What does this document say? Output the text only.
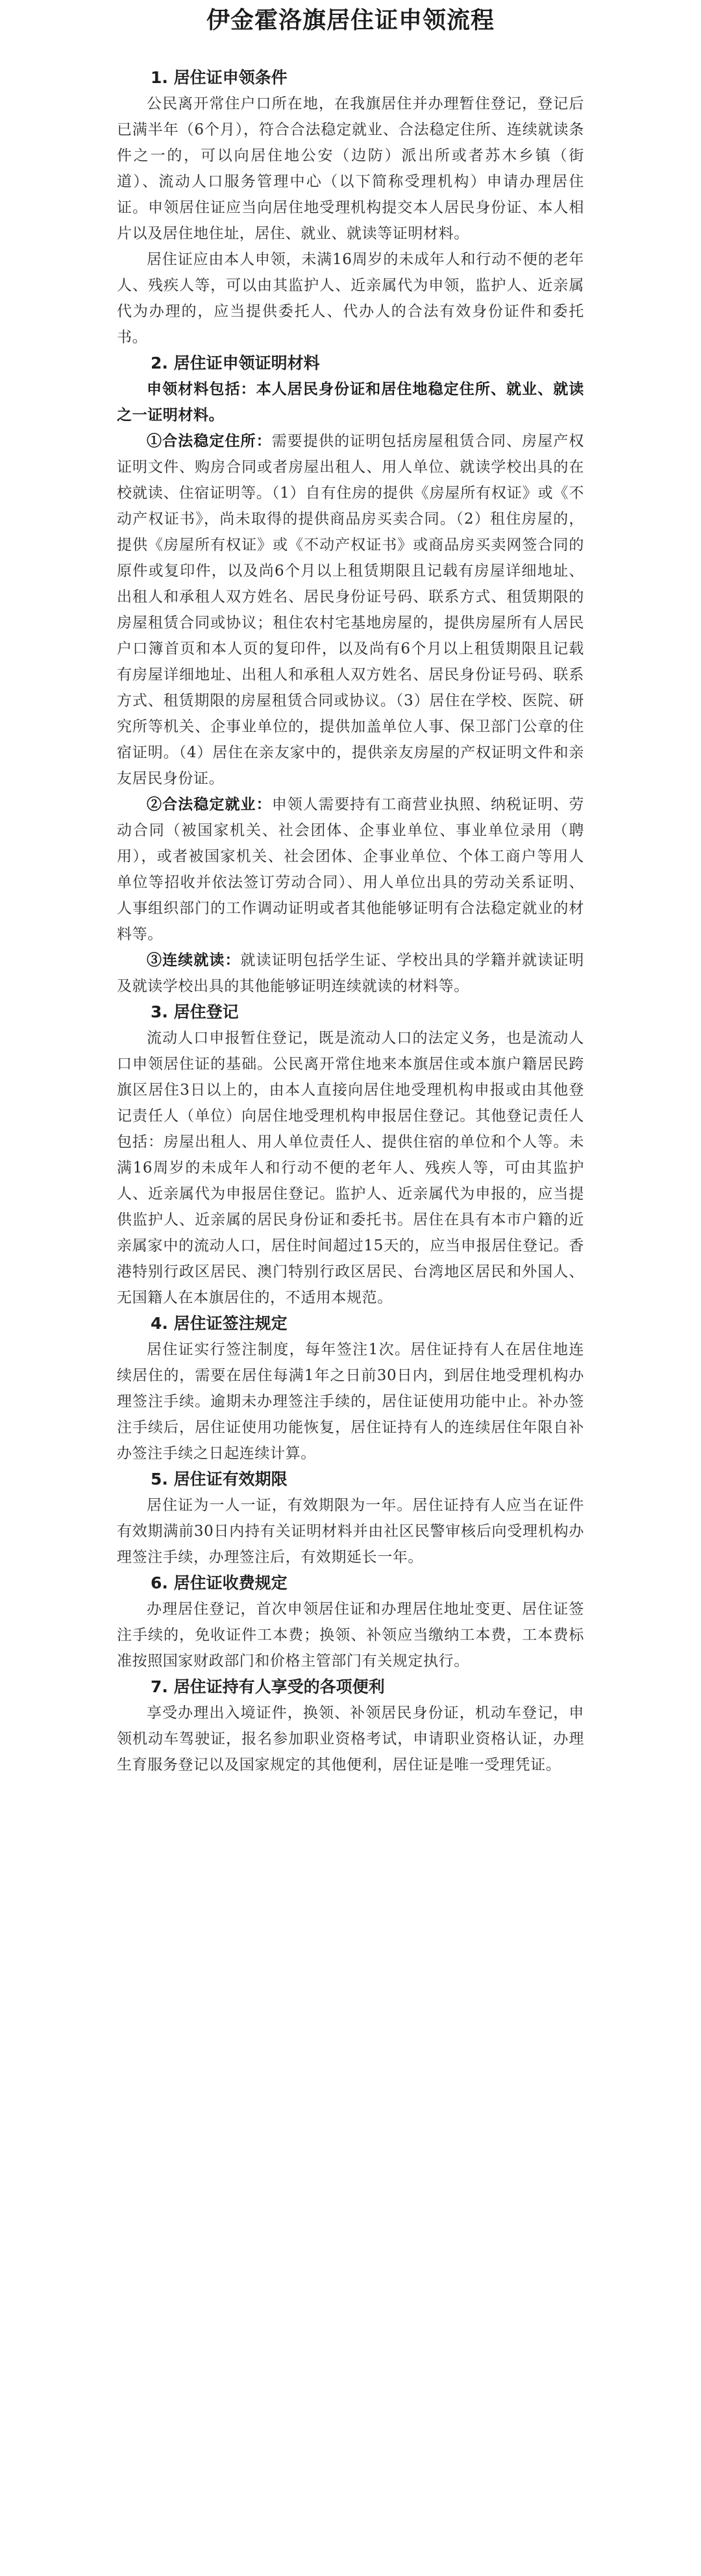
伊金霍洛旗居住证申领流程
1. 居住证申领条件

公民离开常住户口所在地，在我旗居住并办理暂住登记，登记后已满半年（6个月），符合合法稳定就业、合法稳定住所、连续就读条件之一的，可以向居住地公安（边防）派出所或者苏木乡镇（街道）、流动人口服务管理中心（以下简称受理机构）申请办理居住证。申领居住证应当向居住地受理机构提交本人居民身份证、本人相片以及居住地住址，居住、就业、就读等证明材料。

居住证应由本人申领，未满16周岁的未成年人和行动不便的老年人、残疾人等，可以由其监护人、近亲属代为申领，监护人、近亲属代为办理的，应当提供委托人、代办人的合法有效身份证件和委托书。

2. 居住证申领证明材料

申领材料包括：本人居民身份证和居住地稳定住所、就业、就读之一证明材料。

①合法稳定住所：需要提供的证明包括房屋租赁合同、房屋产权证明文件、购房合同或者房屋出租人、用人单位、就读学校出具的在校就读、住宿证明等。（1）自有住房的提供《房屋所有权证》或《不动产权证书》，尚未取得的提供商品房买卖合同。（2）租住房屋的，提供《房屋所有权证》或《不动产权证书》或商品房买卖网签合同的原件或复印件，以及尚6个月以上租赁期限且记载有房屋详细地址、出租人和承租人双方姓名、居民身份证号码、联系方式、租赁期限的房屋租赁合同或协议；租住农村宅基地房屋的，提供房屋所有人居民户口簿首页和本人页的复印件，以及尚有6个月以上租赁期限且记载有房屋详细地址、出租人和承租人双方姓名、居民身份证号码、联系方式、租赁期限的房屋租赁合同或协议。（3）居住在学校、医院、研究所等机关、企事业单位的，提供加盖单位人事、保卫部门公章的住宿证明。（4）居住在亲友家中的，提供亲友房屋的产权证明文件和亲友居民身份证。

②合法稳定就业：申领人需要持有工商营业执照、纳税证明、劳动合同（被国家机关、社会团体、企事业单位、事业单位录用（聘用），或者被国家机关、社会团体、企事业单位、个体工商户等用人单位等招收并依法签订劳动合同）、用人单位出具的劳动关系证明、人事组织部门的工作调动证明或者其他能够证明有合法稳定就业的材料等。

③连续就读：就读证明包括学生证、学校出具的学籍并就读证明及就读学校出具的其他能够证明连续就读的材料等。

3. 居住登记

流动人口申报暂住登记，既是流动人口的法定义务，也是流动人口申领居住证的基础。公民离开常住地来本旗居住或本旗户籍居民跨旗区居住3日以上的，由本人直接向居住地受理机构申报或由其他登记责任人（单位）向居住地受理机构申报居住登记。其他登记责任人包括：房屋出租人、用人单位责任人、提供住宿的单位和个人等。未满16周岁的未成年人和行动不便的老年人、残疾人等，可由其监护人、近亲属代为申报居住登记。监护人、近亲属代为申报的，应当提供监护人、近亲属的居民身份证和委托书。居住在具有本市户籍的近亲属家中的流动人口，居住时间超过15天的，应当申报居住登记。香港特别行政区居民、澳门特别行政区居民、台湾地区居民和外国人、无国籍人在本旗居住的，不适用本规范。

4. 居住证签注规定

居住证实行签注制度，每年签注1次。居住证持有人在居住地连续居住的，需要在居住每满1年之日前30日内，到居住地受理机构办理签注手续。逾期未办理签注手续的，居住证使用功能中止。补办签注手续后，居住证使用功能恢复，居住证持有人的连续居住年限自补办签注手续之日起连续计算。

5. 居住证有效期限

居住证为一人一证，有效期限为一年。居住证持有人应当在证件有效期满前30日内持有关证明材料并由社区民警审核后向受理机构办理签注手续，办理签注后，有效期延长一年。

6. 居住证收费规定

办理居住登记，首次申领居住证和办理居住地址变更、居住证签注手续的，免收证件工本费；换领、补领应当缴纳工本费，工本费标准按照国家财政部门和价格主管部门有关规定执行。

7. 居住证持有人享受的各项便利

享受办理出入境证件，换领、补领居民身份证，机动车登记，申领机动车驾驶证，报名参加职业资格考试，申请职业资格认证，办理生育服务登记以及国家规定的其他便利，居住证是唯一受理凭证。
